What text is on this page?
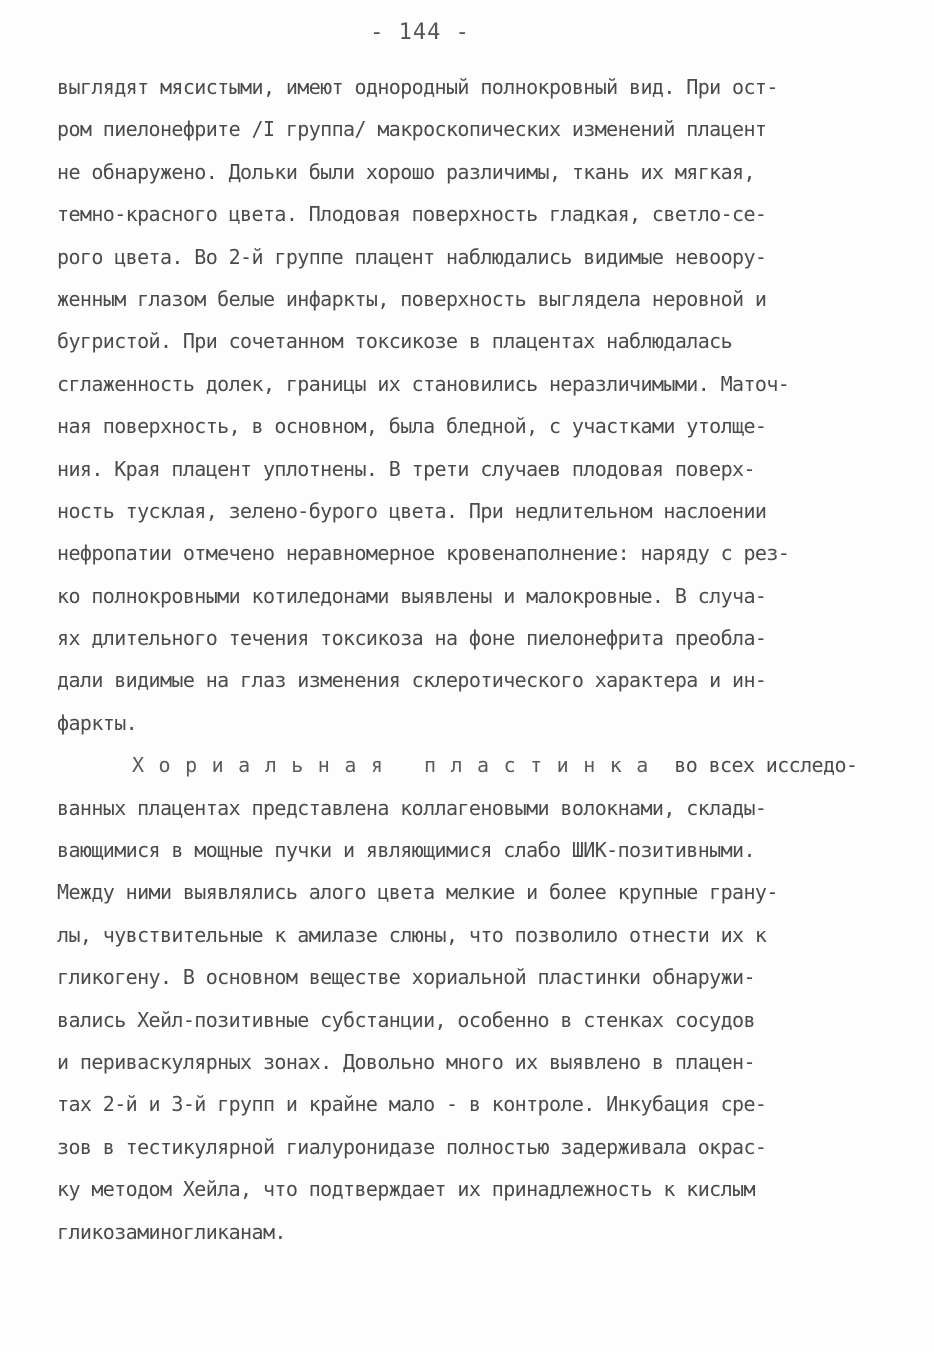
- 144 -
выглядят мясистыми, имеют однородный полнокровный вид. При ост-
ром пиелонефрите /I группа/ макроскопических изменений плацент
не обнаружено. Дольки были хорошо различимы, ткань их мягкая,
темно-красного цвета. Плодовая поверхность гладкая, светло-се-
рого цвета. Во 2-й группе плацент наблюдались видимые невоору-
женным глазом белые инфаркты, поверхность выглядела неровной и
бугристой. При сочетанном токсикозе в плацентах наблюдалась
сглаженность долек, границы их становились неразличимыми. Маточ-
ная поверхность, в основном, была бледной, с участками утолще-
ния. Края плацент уплотнены. В трети случаев плодовая поверх-
ность тусклая, зелено-бурого цвета. При недлительном наслоении
нефропатии отмечено неравномерное кровенаполнение: наряду с рез-
ко полнокровными котиледонами выявлены и малокровные. В случа-
ях длительного течения токсикоза на фоне пиелонефрита преобла-
дали видимые на глаз изменения склеротического характера и ин-
фаркты.
Хориальная пластинка во всех исследо-
ванных плацентах представлена коллагеновыми волокнами, склады-
вающимися в мощные пучки и являющимися слабо ШИК-позитивными.
Между ними выявлялись алого цвета мелкие и более крупные грану-
лы, чувствительные к амилазе слюны, что позволило отнести их к
гликогену. В основном веществе хориальной пластинки обнаружи-
вались Хейл-позитивные субстанции, особенно в стенках сосудов
и периваскулярных зонах. Довольно много их выявлено в плацен-
тах 2-й и 3-й групп и крайне мало - в контроле. Инкубация сре-
зов в тестикулярной гиалуронидазе полностью задерживала окрас-
ку методом Хейла, что подтверждает их принадлежность к кислым
гликозаминогликанам.
